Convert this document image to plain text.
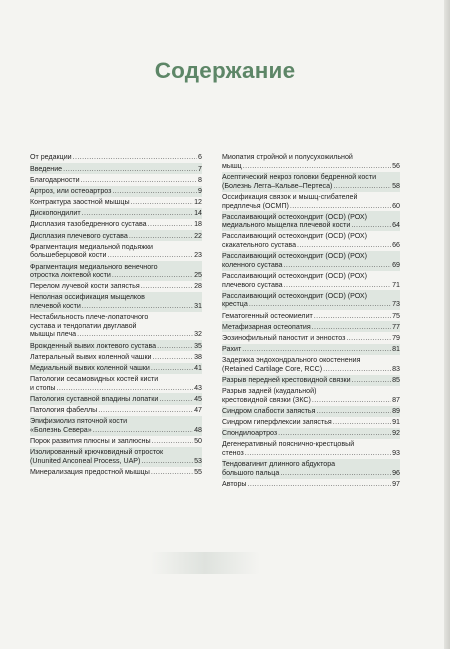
Содержание
От редакции .....	6
Введение .....	7
Благодарности .....	8
Артроз, или остеоартроз .....	9
Контрактура заостной мышцы .....	12
Дископондилит .....	14
Дисплазия тазобедренного сустава .....	18
Дисплазия плечевого сустава .....	22
Фрагментация медиальной подьяжки
большеберцовой кости .....	23
Фрагментация медиального венечного
отростка локтевой кости .....	25
Перелом лучевой кости запястья .....	28
Неполная оссификация мыщелков
плечевой кости .....	31
Нестабильность плече-лопаточного
сустава и тендопатии двуглавой
мышцы плеча .....	32
Врожденный вывих локтевого сустава .....	35
Латеральный вывих коленной чашки .....	38
Медиальный вывих коленной чашки .....	41
Патологии сесамовидных костей кисти
и стопы .....	43
Патология суставной впадины лопатки .....	45
Патология фабеллы .....	47
Эпифизиолиз пяточной кости
«Болезнь Севера» .....	48
Порок развития плюсны и заплюсны .....	50
Изолированный крючковидный отросток
(Ununited Anconeal Process, UAP) .....	53
Минерализация предостной мышцы .....	55
Миопатия стройной и полусухожильной
мышц .....	56
Асептический некроз головки бедренной кости
(Болезнь Легга–Кальве–Пертеса) .....	58
Оссификация связок и мышц-сгибателей
предплечья (ОСМП) .....	60
Расслаивающий остеохондрит (OCD) (РОХ)
медиального мыщелка плечевой кости .....	64
Расслаивающий остеохондрит (OCD) (РОХ)
скакательного сустава .....	66
Расслаивающий остеохондрит (OCD) (РОХ)
коленного сустава .....	69
Расслаивающий остеохондрит (OCD) (РОХ)
плечевого сустава .....	71
Расслаивающий остеохондрит (OCD) (РОХ)
крестца .....	73
Гематогенный остеомиелит .....	75
Метафизарная остеопатия .....	77
Эозинофильный паностит и энностоз .....	79
Рахит .....	81
Задержка эндохондрального окостенения
(Retained Cartilage Core, RCC) .....	83
Разрыв передней крестовидной связки .....	85
Разрыв задней (каудальной)
крестовидной связки (ЗКС) .....	87
Синдром слабости запястья .....	89
Синдром гиперфлексии запястья .....	91
Спондилоартроз .....	92
Дегенеративный пояснично-крестцовый
стеноз .....	93
Тендовагинит длинного абдуктора
большого пальца .....	96
Авторы .....	97
